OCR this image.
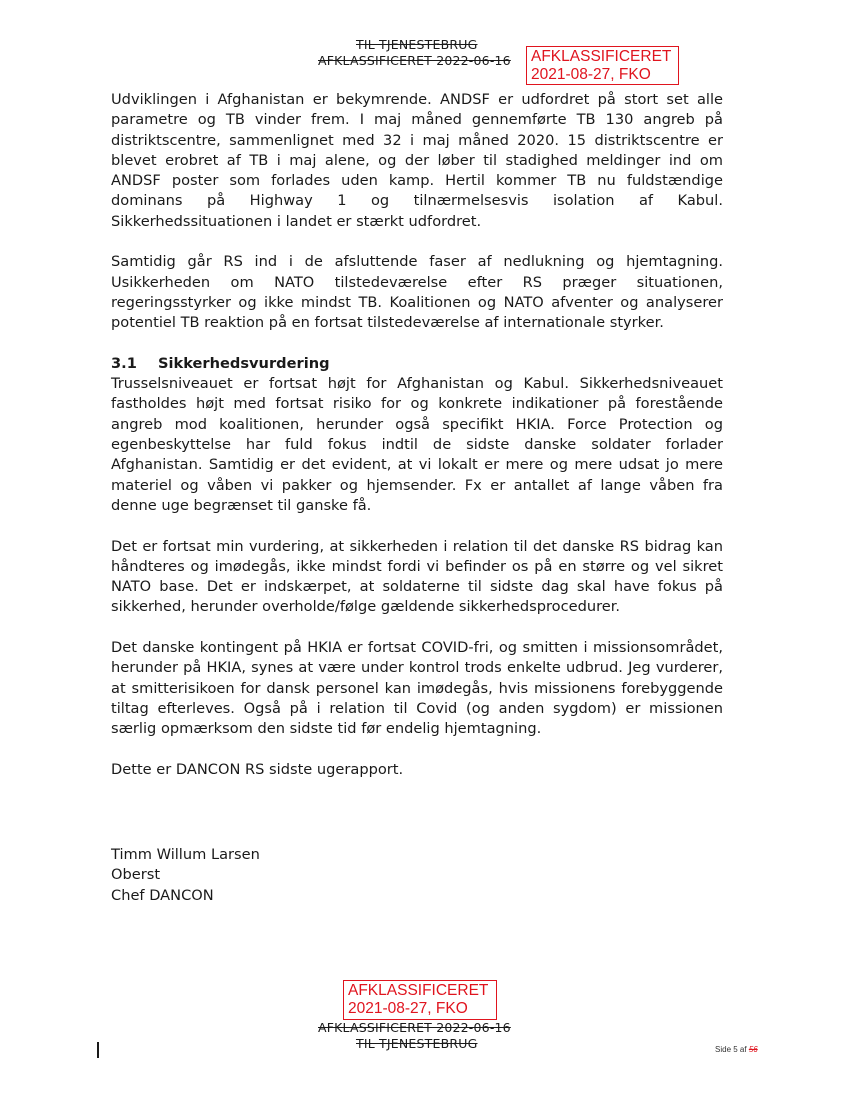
TIL TJENESTEBRUG
AFKLASSIFICERET 2022-06-16 AFKLASSIFICERET
2021-08-27, FKO

Udviklingen i Afghanistan er bekymrende. ANDSF er udfordret på stort set alle parametre og TB vinder frem. I maj måned gennemførte TB 130 angreb på distriktscentre, sammenlignet med 32 i maj måned 2020. 15 distriktscentre er blevet erobret af TB i maj alene, og der løber til stadighed meldinger ind om ANDSF poster som forlades uden kamp. Hertil kommer TB nu fuldstændige dominans på Highway 1 og tilnærmelsesvis isolation af Kabul. Sikkerhedssituationen i landet er stærkt udfordret.

Samtidig går RS ind i de afsluttende faser af nedlukning og hjemtagning. Usikkerheden om NATO tilstedeværelse efter RS præger situationen, regeringsstyrker og ikke mindst TB. Koalitionen og NATO afventer og analyserer potentiel TB reaktion på en fortsat tilstedeværelse af internationale styrker.

3.1 Sikkerhedsvurdering

Trusselsniveauet er fortsat højt for Afghanistan og Kabul. Sikkerhedsniveauet fastholdes højt med fortsat risiko for og konkrete indikationer på forestående angreb mod koalitionen, herunder også specifikt HKIA. Force Protection og egenbeskyttelse har fuld fokus indtil de sidste danske soldater forlader Afghanistan. Samtidig er det evident, at vi lokalt er mere og mere udsat jo mere materiel og våben vi pakker og hjemsender. Fx er antallet af lange våben fra denne uge begrænset til ganske få.

Det er fortsat min vurdering, at sikkerheden i relation til det danske RS bidrag kan håndteres og imødegås, ikke mindst fordi vi befinder os på en større og vel sikret NATO base. Det er indskærpet, at soldaterne til sidste dag skal have fokus på sikkerhed, herunder overholde/følge gældende sikkerhedsprocedurer.

Det danske kontingent på HKIA er fortsat COVID-fri, og smitten i missionsområdet, herunder på HKIA, synes at være under kontrol trods enkelte udbrud. Jeg vurderer, at smitterisikoen for dansk personel kan imødegås, hvis missionens forebyggende tiltag efterleves. Også på i relation til Covid (og anden sygdom) er missionen særlig opmærksom den sidste tid før endelig hjemtagning.

Dette er DANCON RS sidste ugerapport.

Timm Willum Larsen
Oberst
Chef DANCON
AFKLASSIFICERET
2021-08-27, FKO
AFKLASSIFICERET 2022-06-16
TIL TJENESTEBRUG	Side 5 af 56
